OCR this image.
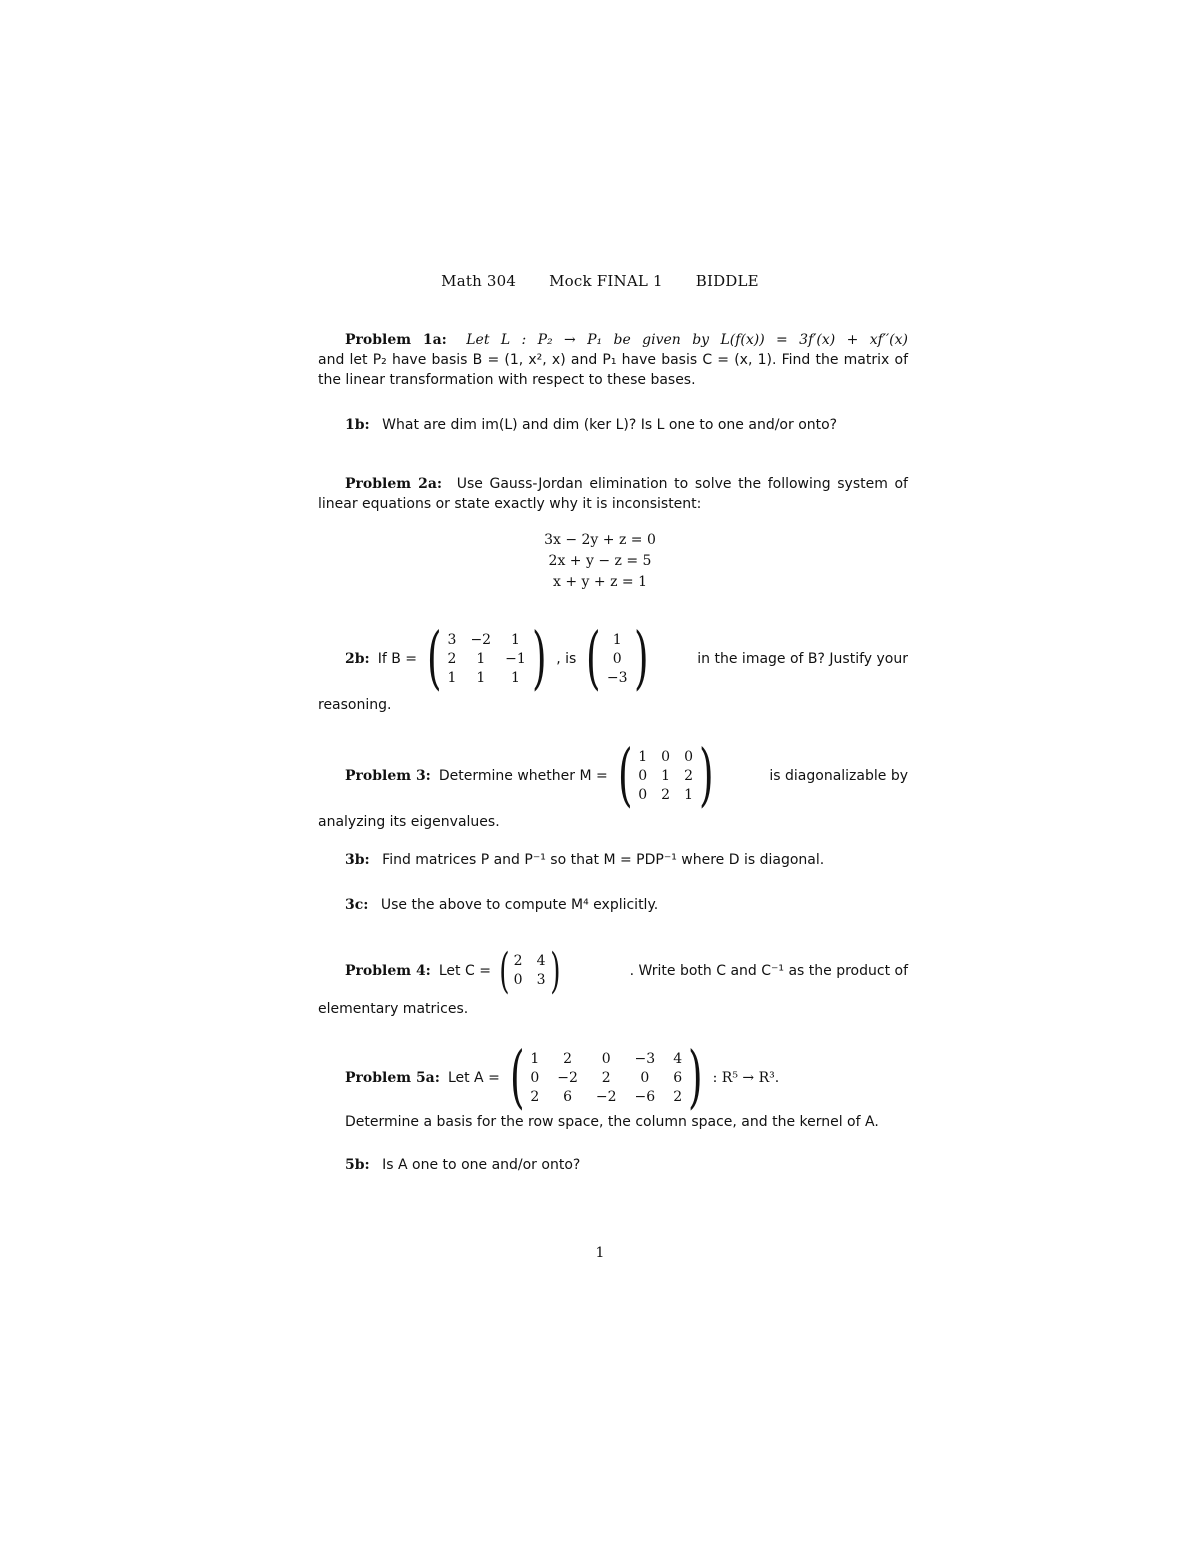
Math 304 Mock FINAL 1 BIDDLE
Problem 1a: Let L : P₂ → P₁ be given by L(f(x)) = 3f′(x) + xf′′(x)
and let P₂ have basis B = (1, x², x) and P₁ have basis C = (x, 1). Find the matrix of the linear transformation with respect to these bases.
1b: What are dim im(L) and dim (ker L)? Is L one to one and/or onto?
Problem 2a: Use Gauss-Jordan elimination to solve the following system of linear equations or state exactly why it is inconsistent:
3x − 2y + z = 0
2x + y − z = 5
x + y + z = 1
2b: If B = ( 3 −2	1
2	1	−1
1	1	1 ) , is ( 1
0
−3 )	in the image of B? Justify your
reasoning.
Problem 3: Determine whether M = ( 1 0 0
0 1 2
0 2 1 )	is diagonalizable by
analyzing its eigenvalues.
3b: Find matrices P and P⁻¹ so that M = PDP⁻¹ where D is diagonal.
3c: Use the above to compute M⁴ explicitly.
Problem 4: Let C = ( 2 4
0 3 )	. Write both C and C⁻¹ as the product of
elementary matrices.
Problem 5a: Let A = ( 1	2	0	−3 4
0 −2	2	0	6
2	6	−2 −6 2 ) : R⁵ → R³.
Determine a basis for the row space, the column space, and the kernel of A.
5b: Is A one to one and/or onto?
1
